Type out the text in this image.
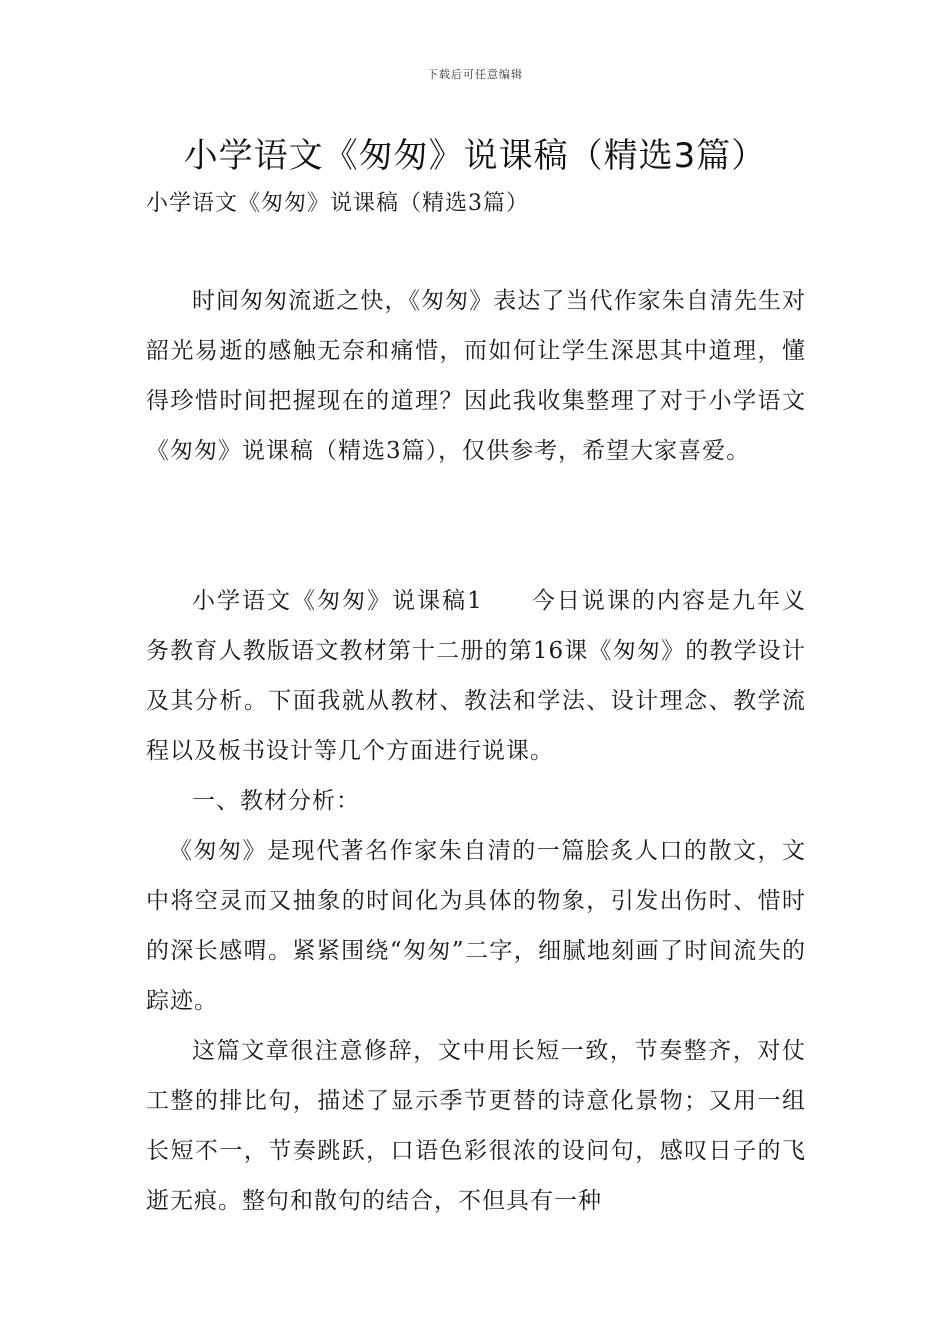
下载后可任意编辑
小学语文《匆匆》说课稿（精选3篇）
小学语文《匆匆》说课稿（精选3篇）

时间匆匆流逝之快，《匆匆》表达了当代作家朱自清先生对韶光易逝的感触无奈和痛惜，而如何让学生深思其中道理，懂得珍惜时间把握现在的道理？因此我收集整理了对于小学语文《匆匆》说课稿（精选3篇），仅供参考，希望大家喜爱。

小学语文《匆匆》说课稿1 今日说课的内容是九年义务教育人教版语文教材第十二册的第16课《匆匆》的教学设计及其分析。下面我就从教材、教法和学法、设计理念、教学流程以及板书设计等几个方面进行说课。

一、教材分析：

《匆匆》是现代著名作家朱自清的一篇脍炙人口的散文，文中将空灵而又抽象的时间化为具体的物象，引发出伤时、惜时的深长感喟。紧紧围绕“匆匆”二字，细腻地刻画了时间流失的踪迹。

这篇文章很注意修辞，文中用长短一致，节奏整齐，对仗工整的排比句，描述了显示季节更替的诗意化景物；又用一组长短不一，节奏跳跃，口语色彩很浓的设问句，感叹日子的飞逝无痕。整句和散句的结合，不但具有一种
